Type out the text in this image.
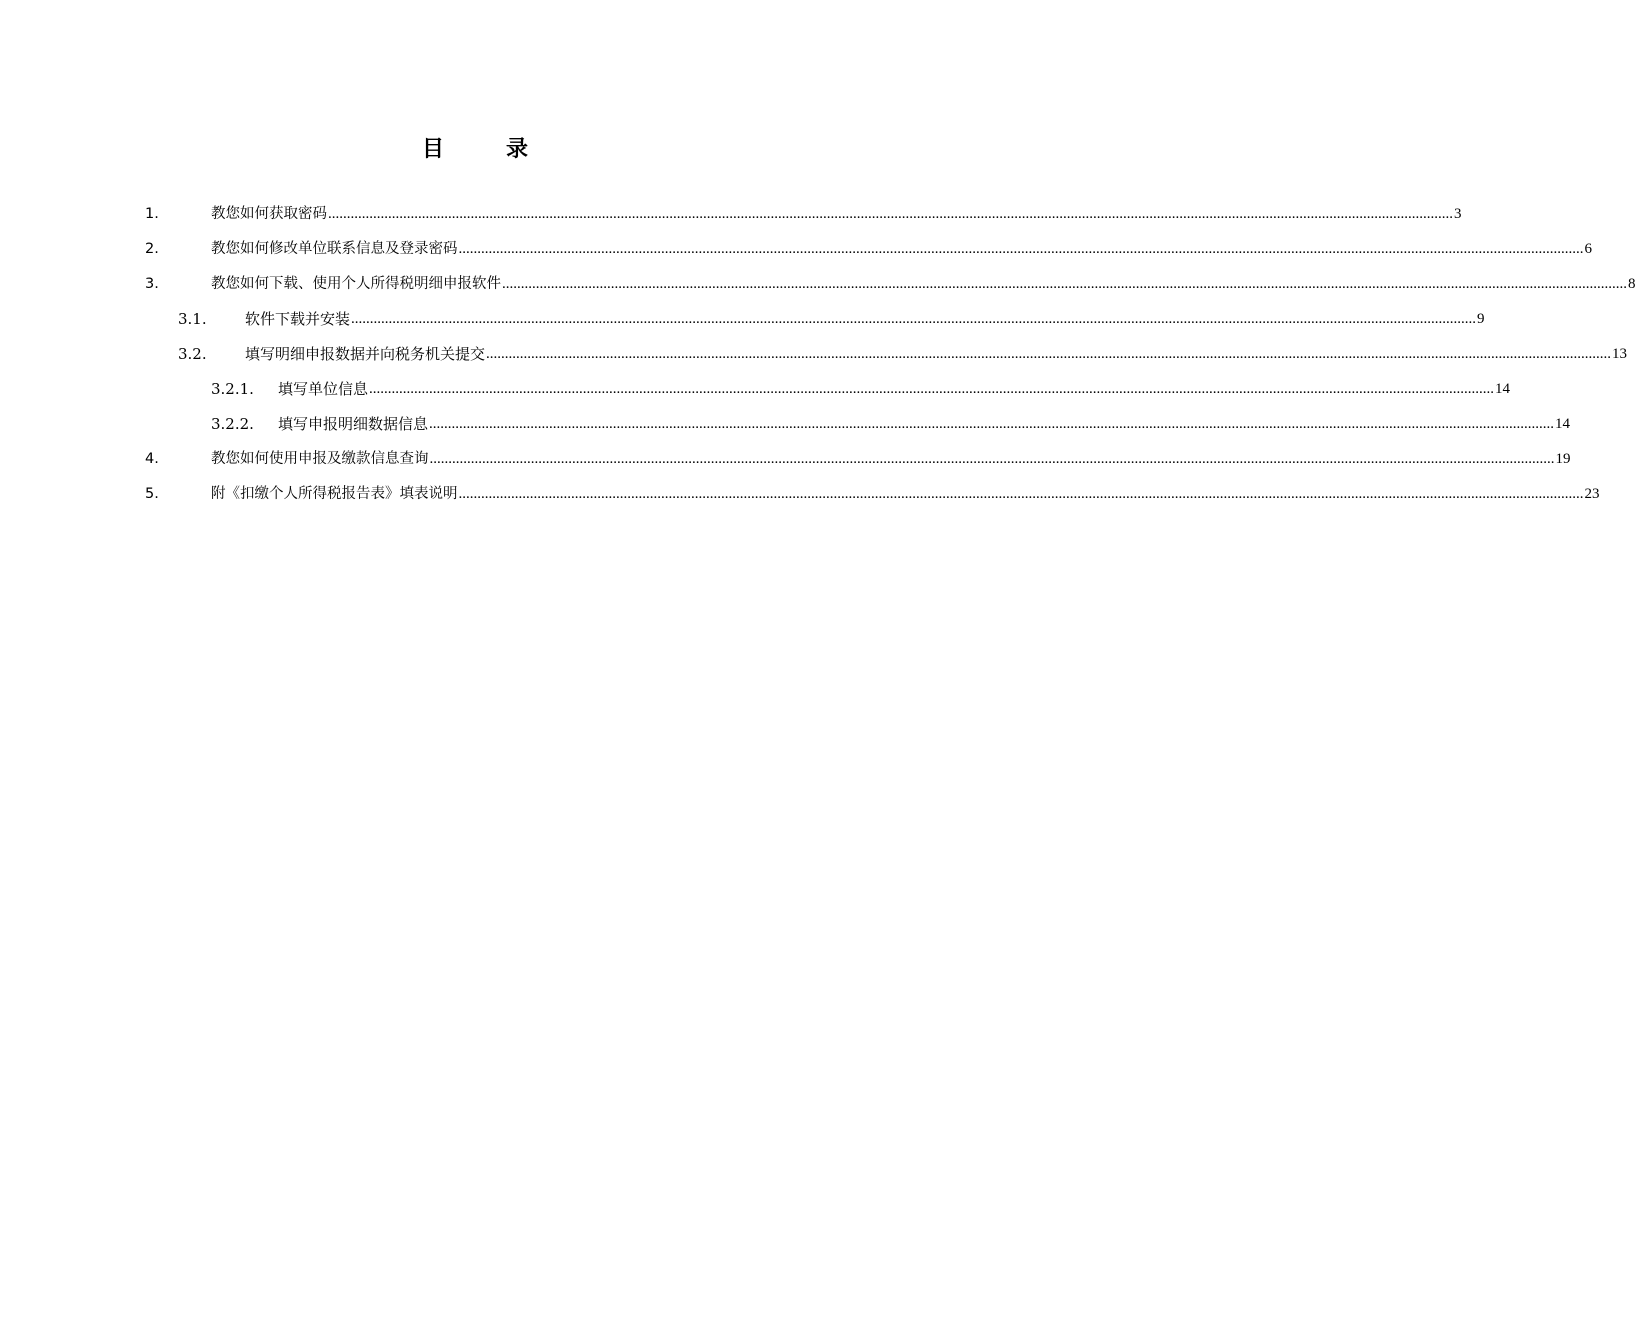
目录
1.	教您如何获取密码 ............................................................................................................................................................................................................................................................................................................ 3
2.	教您如何修改单位联系信息及登录密码 ............................................................................................................................................................................................................................................................................................................ 6
3.	教您如何下载、使用个人所得税明细申报软件 ............................................................................................................................................................................................................................................................................................................ 8
3.1.	软件下载并安装 ............................................................................................................................................................................................................................................................................................................ 9
3.2.	填写明细申报数据并向税务机关提交 ............................................................................................................................................................................................................................................................................................................ 13
3.2.1.	填写单位信息 ............................................................................................................................................................................................................................................................................................................ 14
3.2.2.	填写申报明细数据信息 ............................................................................................................................................................................................................................................................................................................ 14
4.	教您如何使用申报及缴款信息查询 ............................................................................................................................................................................................................................................................................................................ 19
5.	附《扣缴个人所得税报告表》填表说明 ............................................................................................................................................................................................................................................................................................................ 23
